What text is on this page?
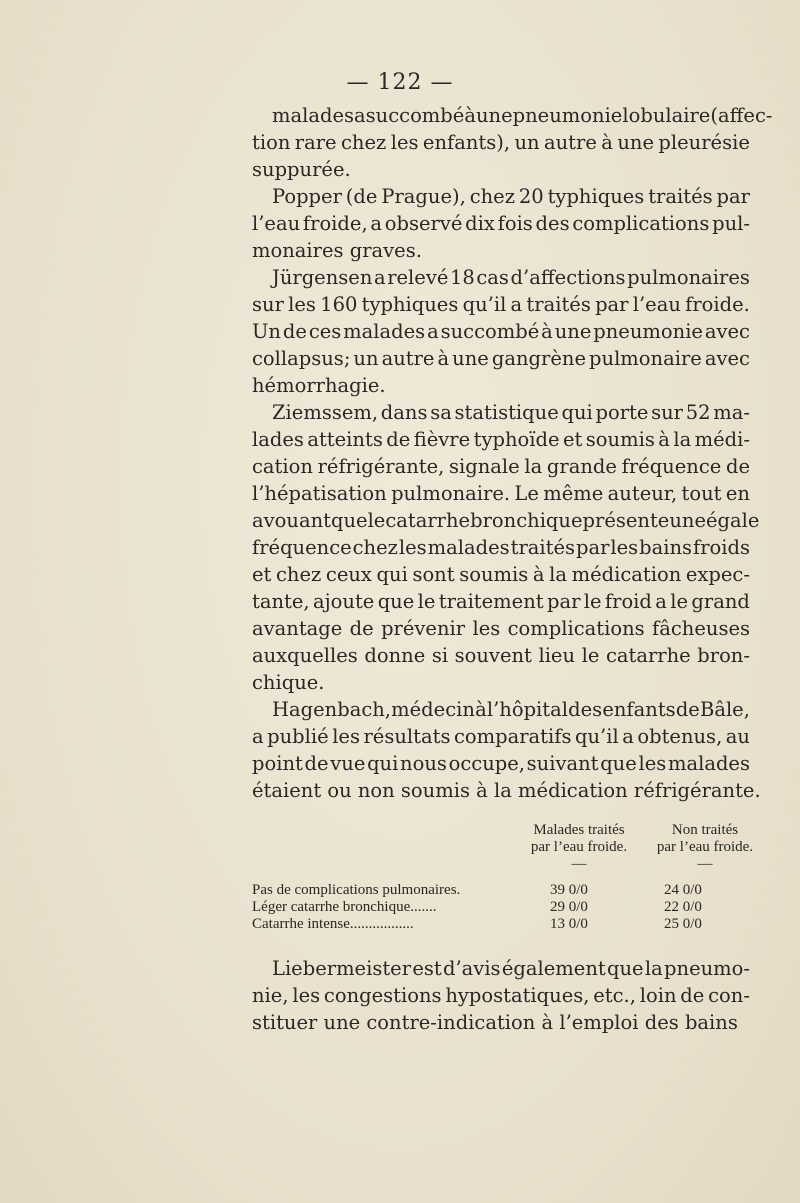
— 122 —
malades a succombé à une pneumonie lobulaire (affec-
tion rare chez les enfants), un autre à une pleurésie
suppurée.
Popper (de Prague), chez 20 typhiques traités par
l’eau froide, a observé dix fois des complications pul-
monaires graves.
Jürgensen a relevé 18 cas d’affections pulmonaires
sur les 160 typhiques qu’il a traités par l’eau froide.
Un de ces malades a succombé à une pneumonie avec
collapsus; un autre à une gangrène pulmonaire avec
hémorrhagie.
Ziemssem, dans sa statistique qui porte sur 52 ma-
lades atteints de fièvre typhoïde et soumis à la médi-
cation réfrigérante, signale la grande fréquence de
l’hépatisation pulmonaire. Le même auteur, tout en
avouant que le catarrhe bronchique présente une égale
fréquence chez les malades traités par les bains froids
et chez ceux qui sont soumis à la médication expec-
tante, ajoute que le traitement par le froid a le grand
avantage de prévenir les complications fâcheuses
auxquelles donne si souvent lieu le catarrhe bron-
chique.
Hagenbach, médecin à l’hôpital des enfants de Bâle,
a publié les résultats comparatifs qu’il a obtenus, au
point de vue qui nous occupe, suivant que les malades
étaient ou non soumis à la médication réfrigérante.
Malades traités
par l’eau froide.
—
Non traités
par l’eau froide.
—
Pas de complications pulmonaires.	39 0/0	24 0/0
Léger catarrhe bronchique.......	29 0/0	22 0/0
Catarrhe intense.................	13 0/0	25 0/0
Liebermeister est d’avis également que la pneumo-
nie, les congestions hypostatiques, etc., loin de con-
stituer une contre-indication à l’emploi des bains
